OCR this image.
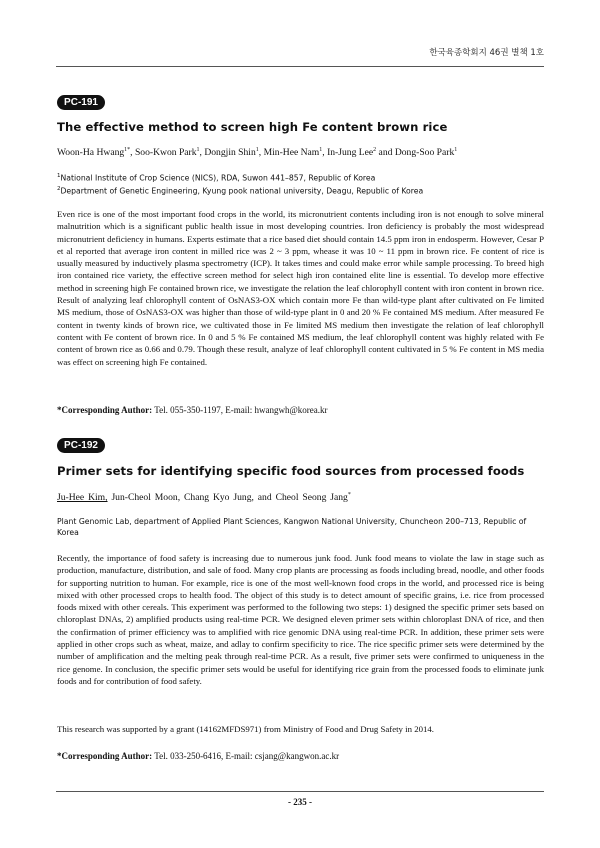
한국육종학회지 46권 별책 1호
PC-191
The effective method to screen high Fe content brown rice
Woon-Ha Hwang$^{1*}$, Soo-Kwon Park$^1$, Dongjin Shin$^1$, Min-Hee Nam$^1$, In-Jung Lee$^2$ and Dong-Soo Park$^1$
$^1$National Institute of Crop Science (NICS), RDA, Suwon 441–857, Republic of Korea
$^2$Department of Genetic Engineering, Kyung pook national university, Deagu, Republic of Korea

Even rice is one of the most important food crops in the world, its micronutrient contents including iron is not enough to solve mineral malnutrition which is a significant public health issue in most developing countries. Iron deficiency is probably the most widespread micronutrient deficiency in humans. Experts estimate that a rice based diet should contain 14.5 ppm iron in endosperm. However, Cesar P et al reported that average iron content in milled rice was 2 ~ 3 ppm, whease it was 10 ~ 11 ppm in brown rice. Fe content of rice is usually measured by inductively plasma spectrometry (ICP). It takes times and could make error while sample processing. To breed high iron contained rice variety, the effective screen method for select high iron contained elite line is essential. To develop more effective method in screening high Fe contained brown rice, we investigate the relation the leaf chlorophyll content with iron content in brown rice. Result of analyzing leaf chlorophyll content of OsNAS3-OX which contain more Fe than wild-type plant after cultivated on Fe limited MS medium, those of OsNAS3-OX was higher than those of wild-type plant in 0 and 20 % Fe contained MS medium. After measured Fe content in twenty kinds of brown rice, we cultivated those in Fe limited MS medium then investigate the relation of leaf chlorophyll content with Fe content of brown rice. In 0 and 5 % Fe contained MS medium, the leaf chlorophyll content was highly related with Fe content of brown rice as 0.66 and 0.79. Though these result, analyze of leaf chlorophyll content cultivated in 5 % Fe content in MS media was effect on screening high Fe contained.

*Corresponding Author: Tel. 055-350-1197, E-mail: hwangwh@korea.kr
PC-192
Primer sets for identifying specific food sources from processed foods
Ju-Hee Kim, Jun-Cheol Moon, Chang Kyo Jung, and Cheol Seong Jang*
Plant Genomic Lab, department of Applied Plant Sciences, Kangwon National University, Chuncheon 200–713, Republic of Korea

Recently, the importance of food safety is increasing due to numerous junk food. Junk food means to violate the law in stage such as production, manufacture, distribution, and sale of food. Many crop plants are processing as foods including bread, noodle, and other foods for supporting nutrition to human. For example, rice is one of the most well-known food crops in the world, and processed rice is being mixed with other processed crops to health food. The object of this study is to detect amount of specific grains, i.e. rice from processed foods mixed with other cereals. This experiment was performed to the following two steps: 1) designed the specific primer sets based on chloroplast DNAs, 2) amplified products using real-time PCR. We designed eleven primer sets within chloroplast DNA of rice, and then the confirmation of primer efficiency was to amplified with rice genomic DNA using real-time PCR. In addition, these primer sets were applied in other crops such as wheat, maize, and adlay to confirm specificity to rice. The rice specific primer sets were determined by the number of amplification and the melting peak through real-time PCR. As a result, five primer sets were confirmed to uniqueness in the rice genome. In conclusion, the specific primer sets would be useful for identifying rice grain from the processed foods to eliminate junk foods and for contribution of food safety.

This research was supported by a grant (14162MFDS971) from Ministry of Food and Drug Safety in 2014.
*Corresponding Author: Tel. 033-250-6416, E-mail: csjang@kangwon.ac.kr
- 235 -
